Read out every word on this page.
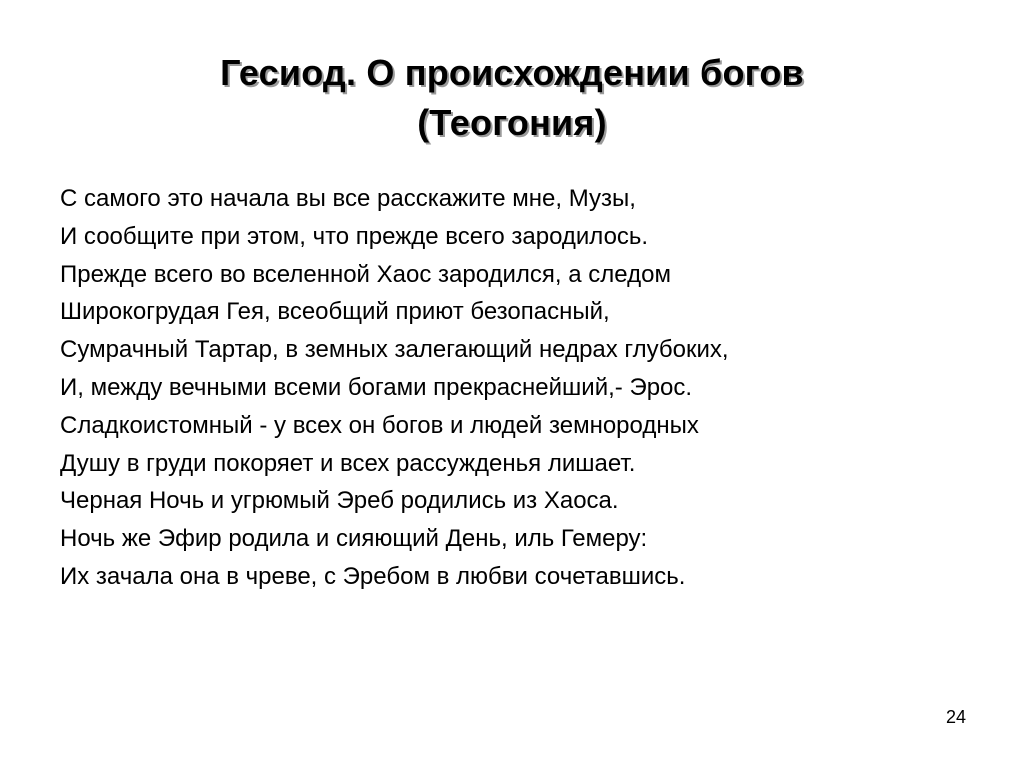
Гесиод. О происхождении богов
(Теогония)
С самого это начала вы все расскажите мне, Музы,
И сообщите при этом, что прежде всего зародилось.
Прежде всего во вселенной Хаос зародился, а следом
Широкогрудая Гея, всеобщий приют безопасный,
Сумрачный Тартар, в земных залегающий недрах глубоких,
И, между вечными всеми богами прекраснейший,- Эрос.
Сладкоистомный - у всех он богов и людей земнородных
Душу в груди покоряет и всех рассужденья лишает.
Черная Ночь и угрюмый Эреб родились из Хаоса.
Ночь же Эфир родила и сияющий День, иль Гемеру:
Их зачала она в чреве, с Эребом в любви сочетавшись.
24
